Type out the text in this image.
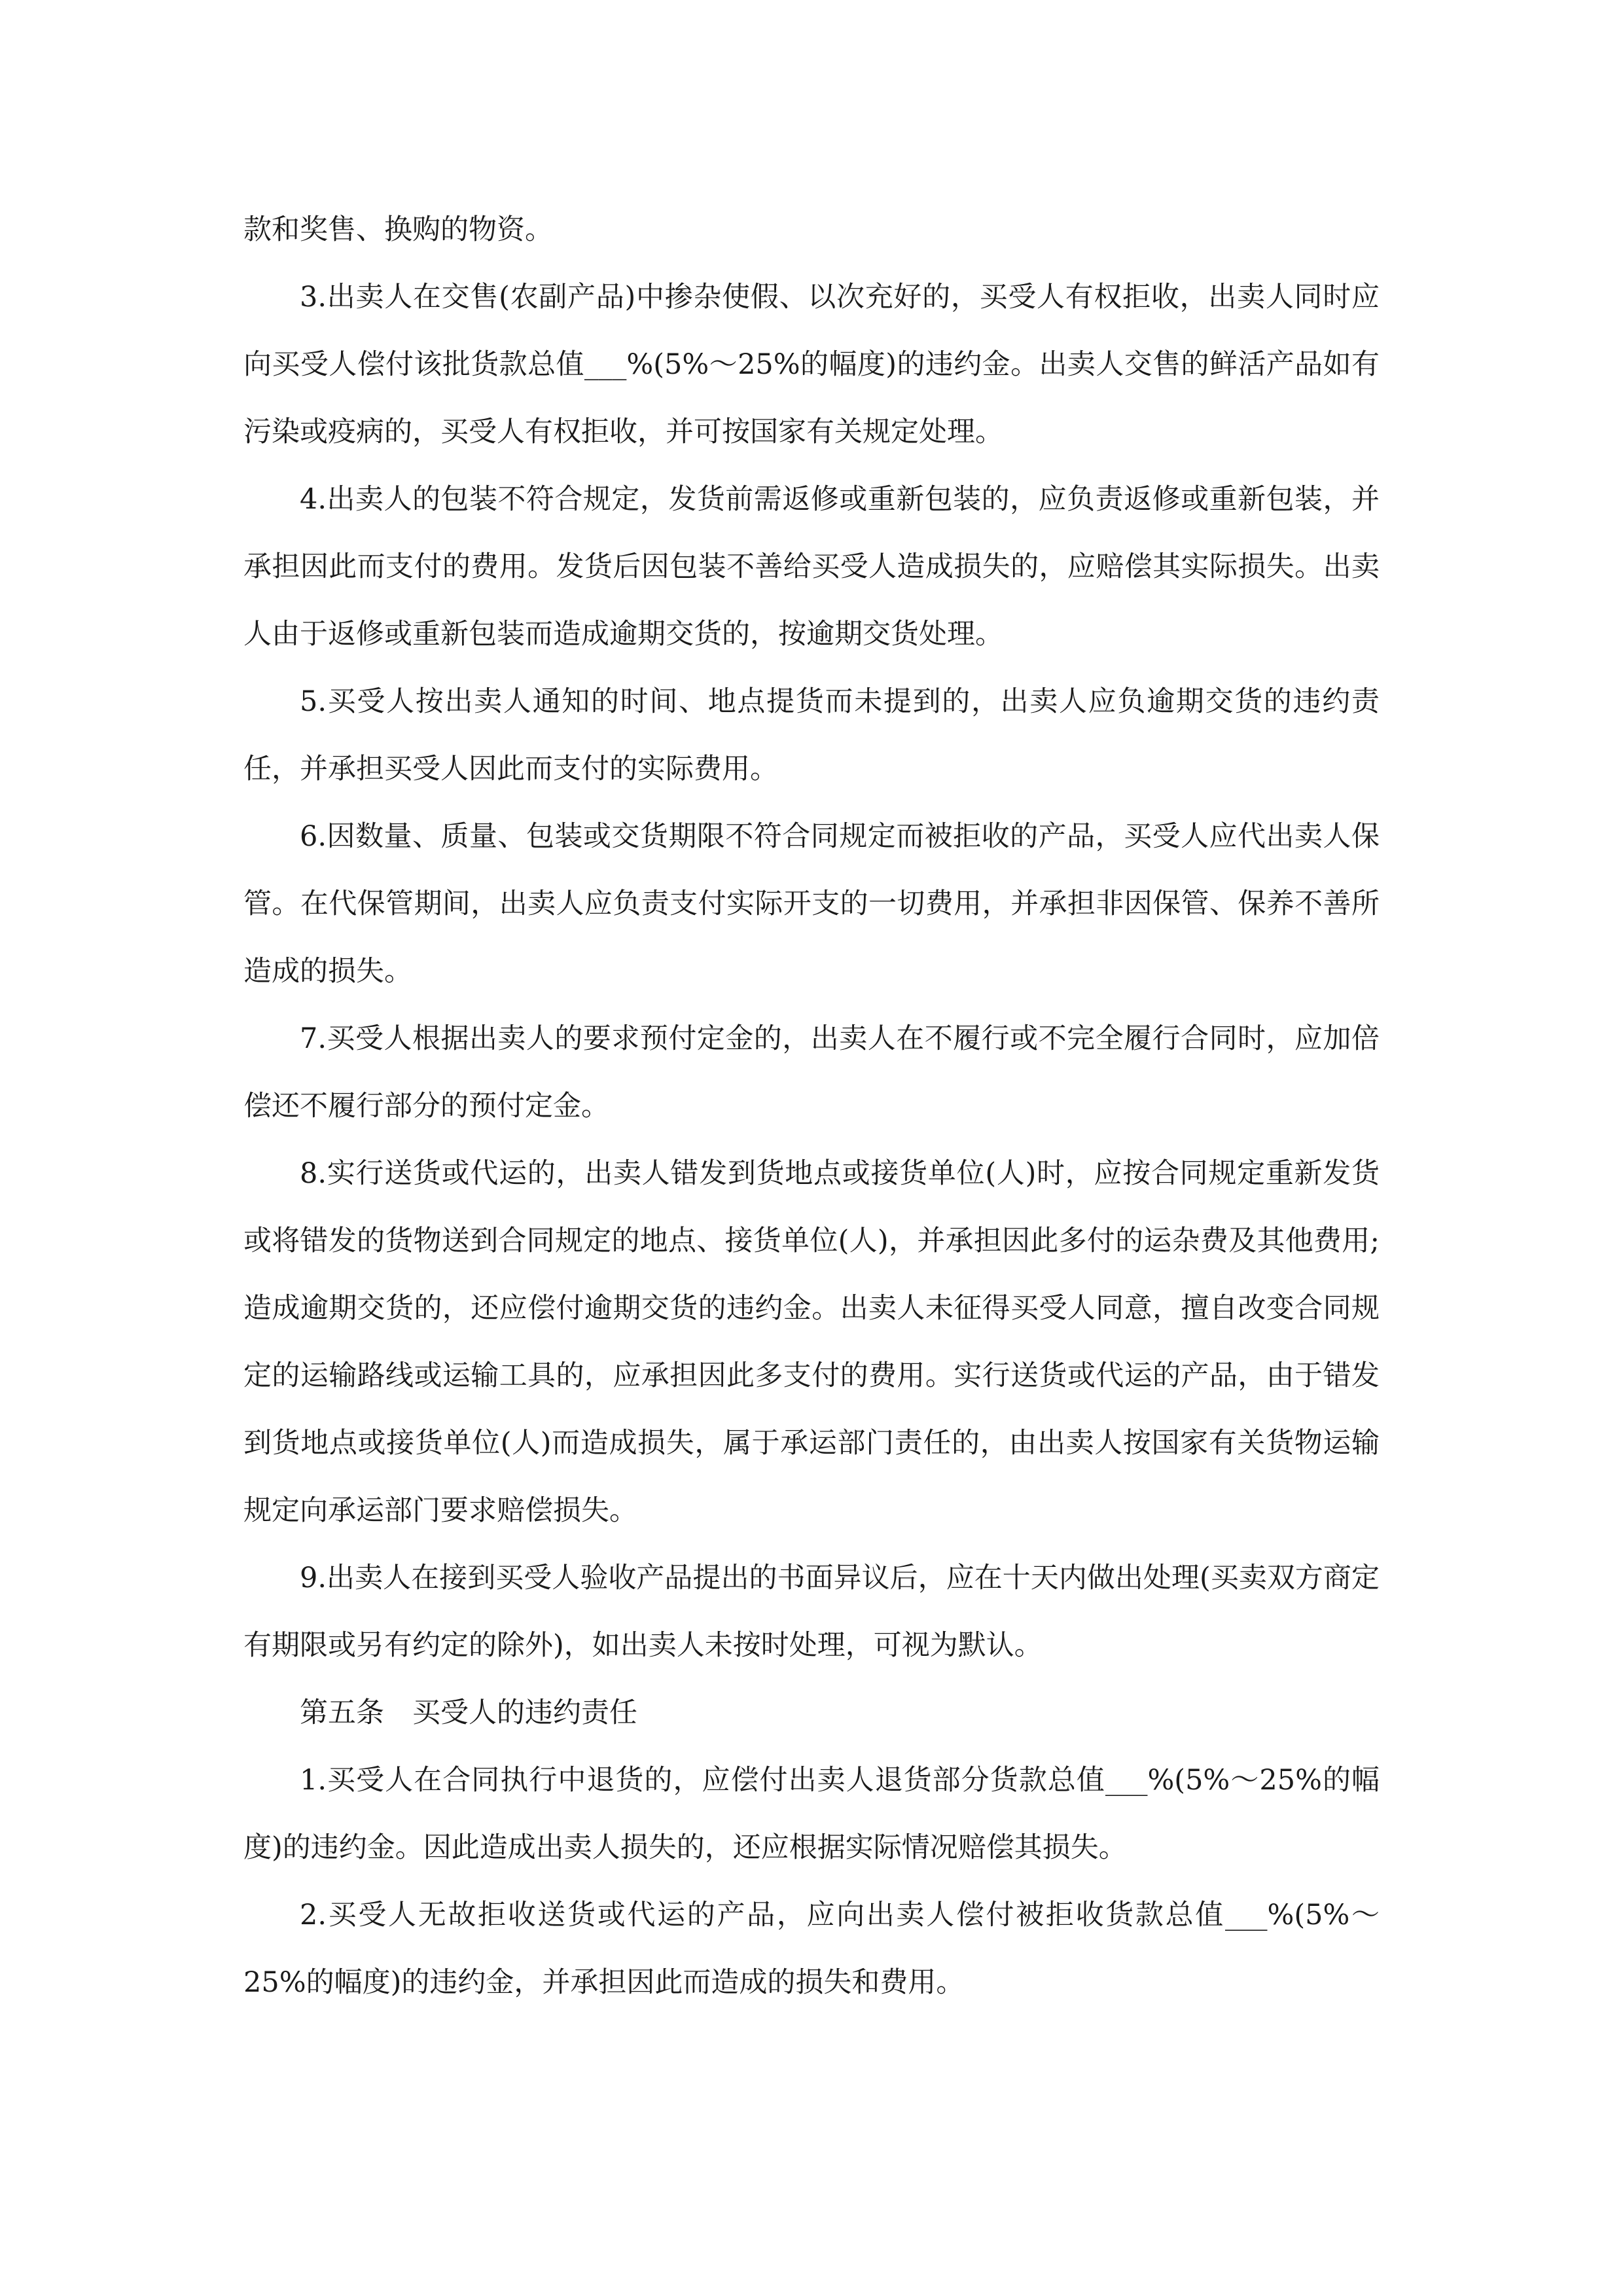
款和奖售、换购的物资。

3.出卖人在交售(农副产品)中掺杂使假、以次充好的，买受人有权拒收，出卖人同时应向买受人偿付该批货款总值___%(5%～25%的幅度)的违约金。出卖人交售的鲜活产品如有污染或疫病的，买受人有权拒收，并可按国家有关规定处理。

4.出卖人的包装不符合规定，发货前需返修或重新包装的，应负责返修或重新包装，并承担因此而支付的费用。发货后因包装不善给买受人造成损失的，应赔偿其实际损失。出卖人由于返修或重新包装而造成逾期交货的，按逾期交货处理。

5.买受人按出卖人通知的时间、地点提货而未提到的，出卖人应负逾期交货的违约责任，并承担买受人因此而支付的实际费用。

6.因数量、质量、包装或交货期限不符合同规定而被拒收的产品，买受人应代出卖人保管。在代保管期间，出卖人应负责支付实际开支的一切费用，并承担非因保管、保养不善所造成的损失。

7.买受人根据出卖人的要求预付定金的，出卖人在不履行或不完全履行合同时，应加倍偿还不履行部分的预付定金。

8.实行送货或代运的，出卖人错发到货地点或接货单位(人)时，应按合同规定重新发货或将错发的货物送到合同规定的地点、接货单位(人)，并承担因此多付的运杂费及其他费用;造成逾期交货的，还应偿付逾期交货的违约金。出卖人未征得买受人同意，擅自改变合同规定的运输路线或运输工具的，应承担因此多支付的费用。实行送货或代运的产品，由于错发到货地点或接货单位(人)而造成损失，属于承运部门责任的，由出卖人按国家有关货物运输规定向承运部门要求赔偿损失。

9.出卖人在接到买受人验收产品提出的书面异议后，应在十天内做出处理(买卖双方商定有期限或另有约定的除外)，如出卖人未按时处理，可视为默认。

第五条　买受人的违约责任

1.买受人在合同执行中退货的，应偿付出卖人退货部分货款总值___%(5%～25%的幅度)的违约金。因此造成出卖人损失的，还应根据实际情况赔偿其损失。

2.买受人无故拒收送货或代运的产品，应向出卖人偿付被拒收货款总值___%(5%～25%的幅度)的违约金，并承担因此而造成的损失和费用。
